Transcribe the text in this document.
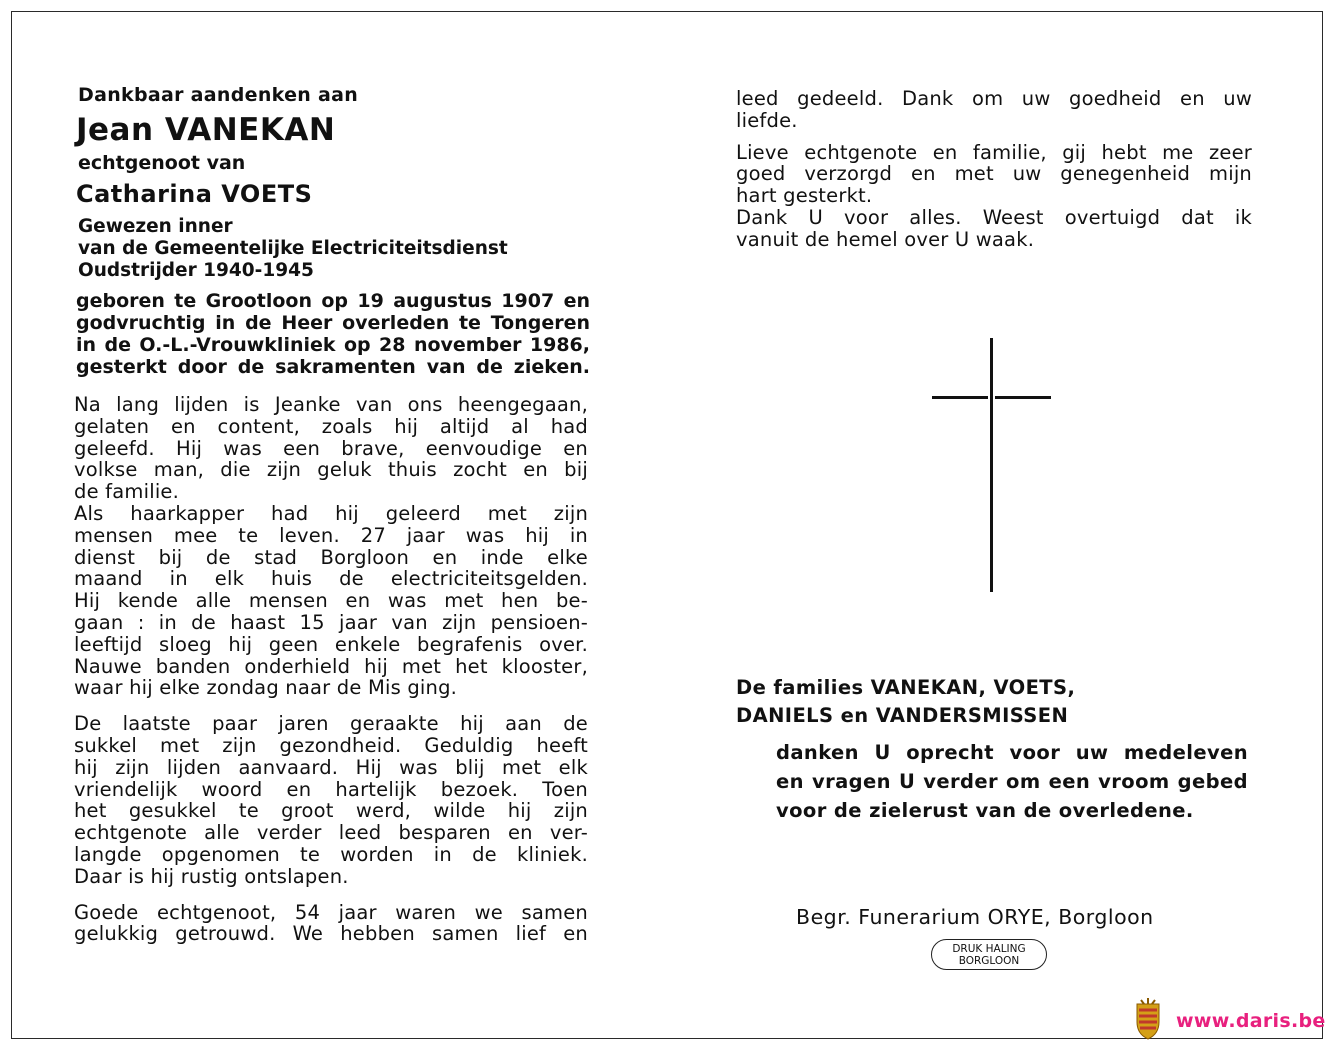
Dankbaar aandenken aan
Jean VANEKAN
echtgenoot van
Catharina VOETS
Gewezen inner
van de Gemeentelijke Electriciteitsdienst
Oudstrijder 1940-1945
geboren te Grootloon op 19 augustus 1907 en
godvruchtig in de Heer overleden te Tongeren
in de O.-L.-Vrouwkliniek op 28 november 1986,
gesterkt door de sakramenten van de zieken.
Na lang lijden is Jeanke van ons heengegaan,
gelaten en content, zoals hij altijd al had
geleefd. Hij was een brave, eenvoudige en
volkse man, die zijn geluk thuis zocht en bij
de familie.
Als haarkapper had hij geleerd met zijn
mensen mee te leven. 27 jaar was hij in
dienst bij de stad Borgloon en inde elke
maand in elk huis de electriciteitsgelden.
Hij kende alle mensen en was met hen be-
gaan : in de haast 15 jaar van zijn pensioen-
leeftijd sloeg hij geen enkele begrafenis over.
Nauwe banden onderhield hij met het klooster,
waar hij elke zondag naar de Mis ging.
De laatste paar jaren geraakte hij aan de
sukkel met zijn gezondheid. Geduldig heeft
hij zijn lijden aanvaard. Hij was blij met elk
vriendelijk woord en hartelijk bezoek. Toen
het gesukkel te groot werd, wilde hij zijn
echtgenote alle verder leed besparen en ver-
langde opgenomen te worden in de kliniek.
Daar is hij rustig ontslapen.
Goede echtgenoot, 54 jaar waren we samen
gelukkig getrouwd. We hebben samen lief en
leed gedeeld. Dank om uw goedheid en uw
liefde.
Lieve echtgenote en familie, gij hebt me zeer
goed verzorgd en met uw genegenheid mijn
hart gesterkt.
Dank U voor alles. Weest overtuigd dat ik
vanuit de hemel over U waak.
De families VANEKAN, VOETS,
DANIELS en VANDERSMISSEN
danken U oprecht voor uw medeleven
en vragen U verder om een vroom gebed
voor de zielerust van de overledene.
Begr. Funerarium ORYE, Borgloon
DRUK HALING
BORGLOON
www.daris.be
